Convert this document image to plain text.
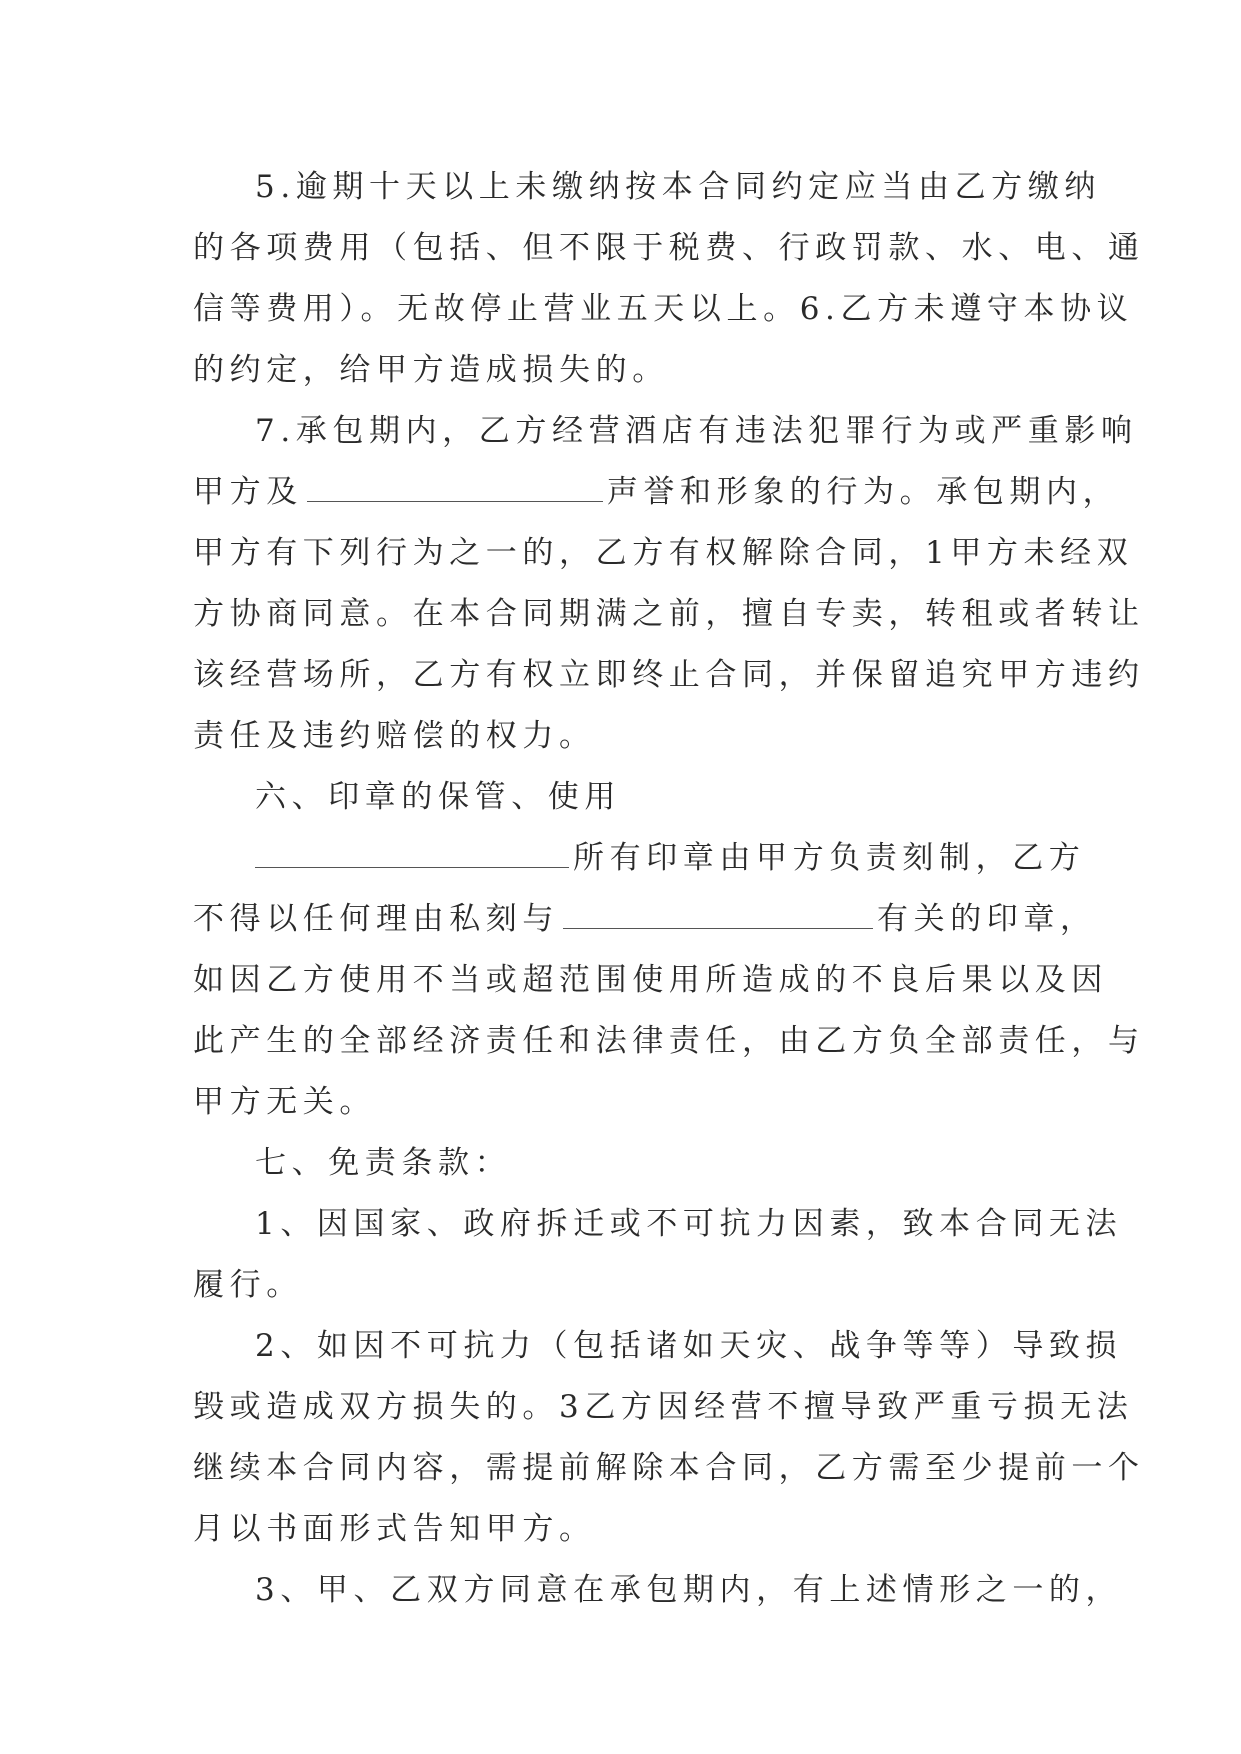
5.逾期十天以上未缴纳按本合同约定应当由乙方缴纳
的各项费用（包括、但不限于税费、行政罚款、水、电、通
信等费用）。无故停止营业五天以上。6.乙方未遵守本协议
的约定，给甲方造成损失的。
7.承包期内，乙方经营酒店有违法犯罪行为或严重影响
甲方及	声誉和形象的行为。承包期内，
甲方有下列行为之一的，乙方有权解除合同，1甲方未经双
方协商同意。在本合同期满之前，擅自专卖，转租或者转让
该经营场所，乙方有权立即终止合同，并保留追究甲方违约
责任及违约赔偿的权力。
六、印章的保管、使用
所有印章由甲方负责刻制，乙方
不得以任何理由私刻与	有关的印章，
如因乙方使用不当或超范围使用所造成的不良后果以及因
此产生的全部经济责任和法律责任，由乙方负全部责任，与
甲方无关。
七、免责条款：
1、因国家、政府拆迁或不可抗力因素，致本合同无法
履行。
2、如因不可抗力（包括诸如天灾、战争等等）导致损
毁或造成双方损失的。3乙方因经营不擅导致严重亏损无法
继续本合同内容，需提前解除本合同，乙方需至少提前一个
月以书面形式告知甲方。
3、甲、乙双方同意在承包期内，有上述情形之一的，
